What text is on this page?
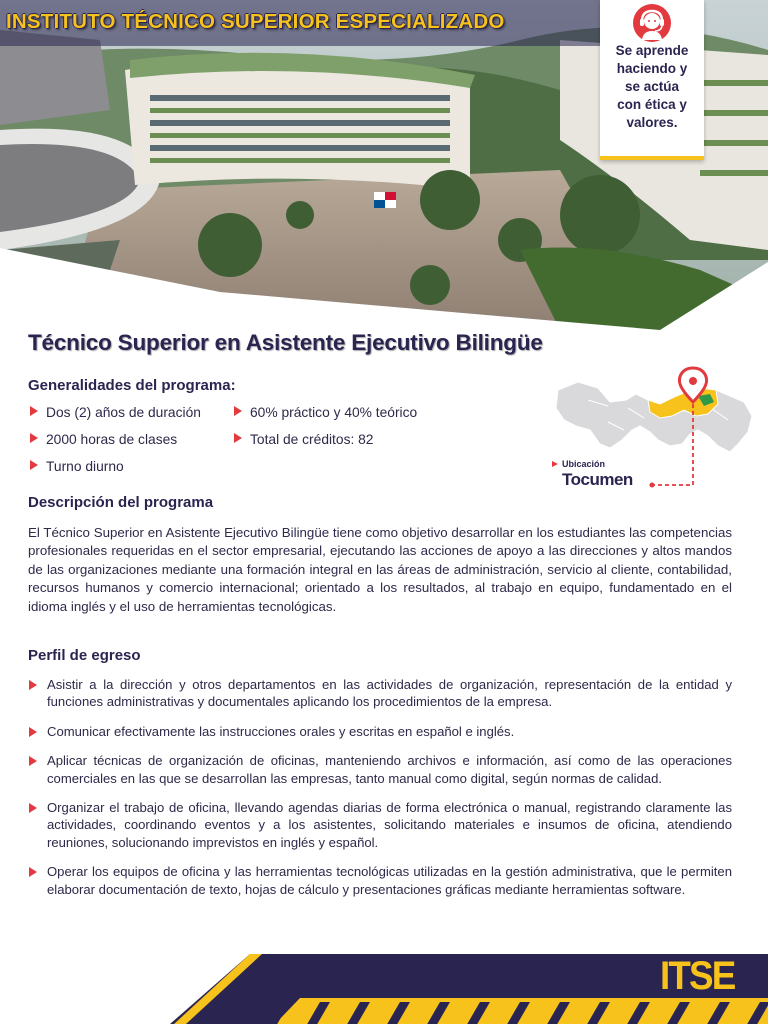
INSTITUTO TÉCNICO SUPERIOR ESPECIALIZADO
Se aprende
haciendo y
se actúa
con ética y
valores.
Técnico Superior en Asistente Ejecutivo Bilingüe
Generalidades del programa:
Dos (2) años de duración
2000 horas de clases
Turno diurno
60% práctico y 40% teórico
Total de créditos: 82
Ubicación
Tocumen
Descripción del programa
El Técnico Superior en Asistente Ejecutivo Bilingüe tiene como objetivo desarrollar en los estudiantes las competencias profesionales requeridas en el sector empresarial, ejecutando las acciones de apoyo a las direcciones y altos mandos de las organizaciones mediante una formación integral en las áreas de administración, servicio al cliente, contabilidad, recursos humanos y comercio internacional; orientado a los resultados, al trabajo en equipo, fundamentado en el idioma inglés y el uso de herramientas tecnológicas.
Perfil de egreso
Asistir a la dirección y otros departamentos en las actividades de organización, representación de la entidad y funciones administrativas y documentales aplicando los procedimientos de la empresa.
Comunicar efectivamente las instrucciones orales y escritas en español e inglés.
Aplicar técnicas de organización de oficinas, manteniendo archivos e información, así como de las operaciones comerciales en las que se desarrollan las empresas, tanto manual como digital, según normas de calidad.
Organizar el trabajo de oficina, llevando agendas diarias de forma electrónica o manual, registrando claramente las actividades, coordinando eventos y a los asistentes, solicitando materiales e insumos de oficina, atendiendo reuniones, solucionando imprevistos en inglés y español.
Operar los equipos de oficina y las herramientas tecnológicas utilizadas en la gestión administrativa, que le permiten elaborar documentación de texto, hojas de cálculo y presentaciones gráficas mediante herramientas software.
ITSE
